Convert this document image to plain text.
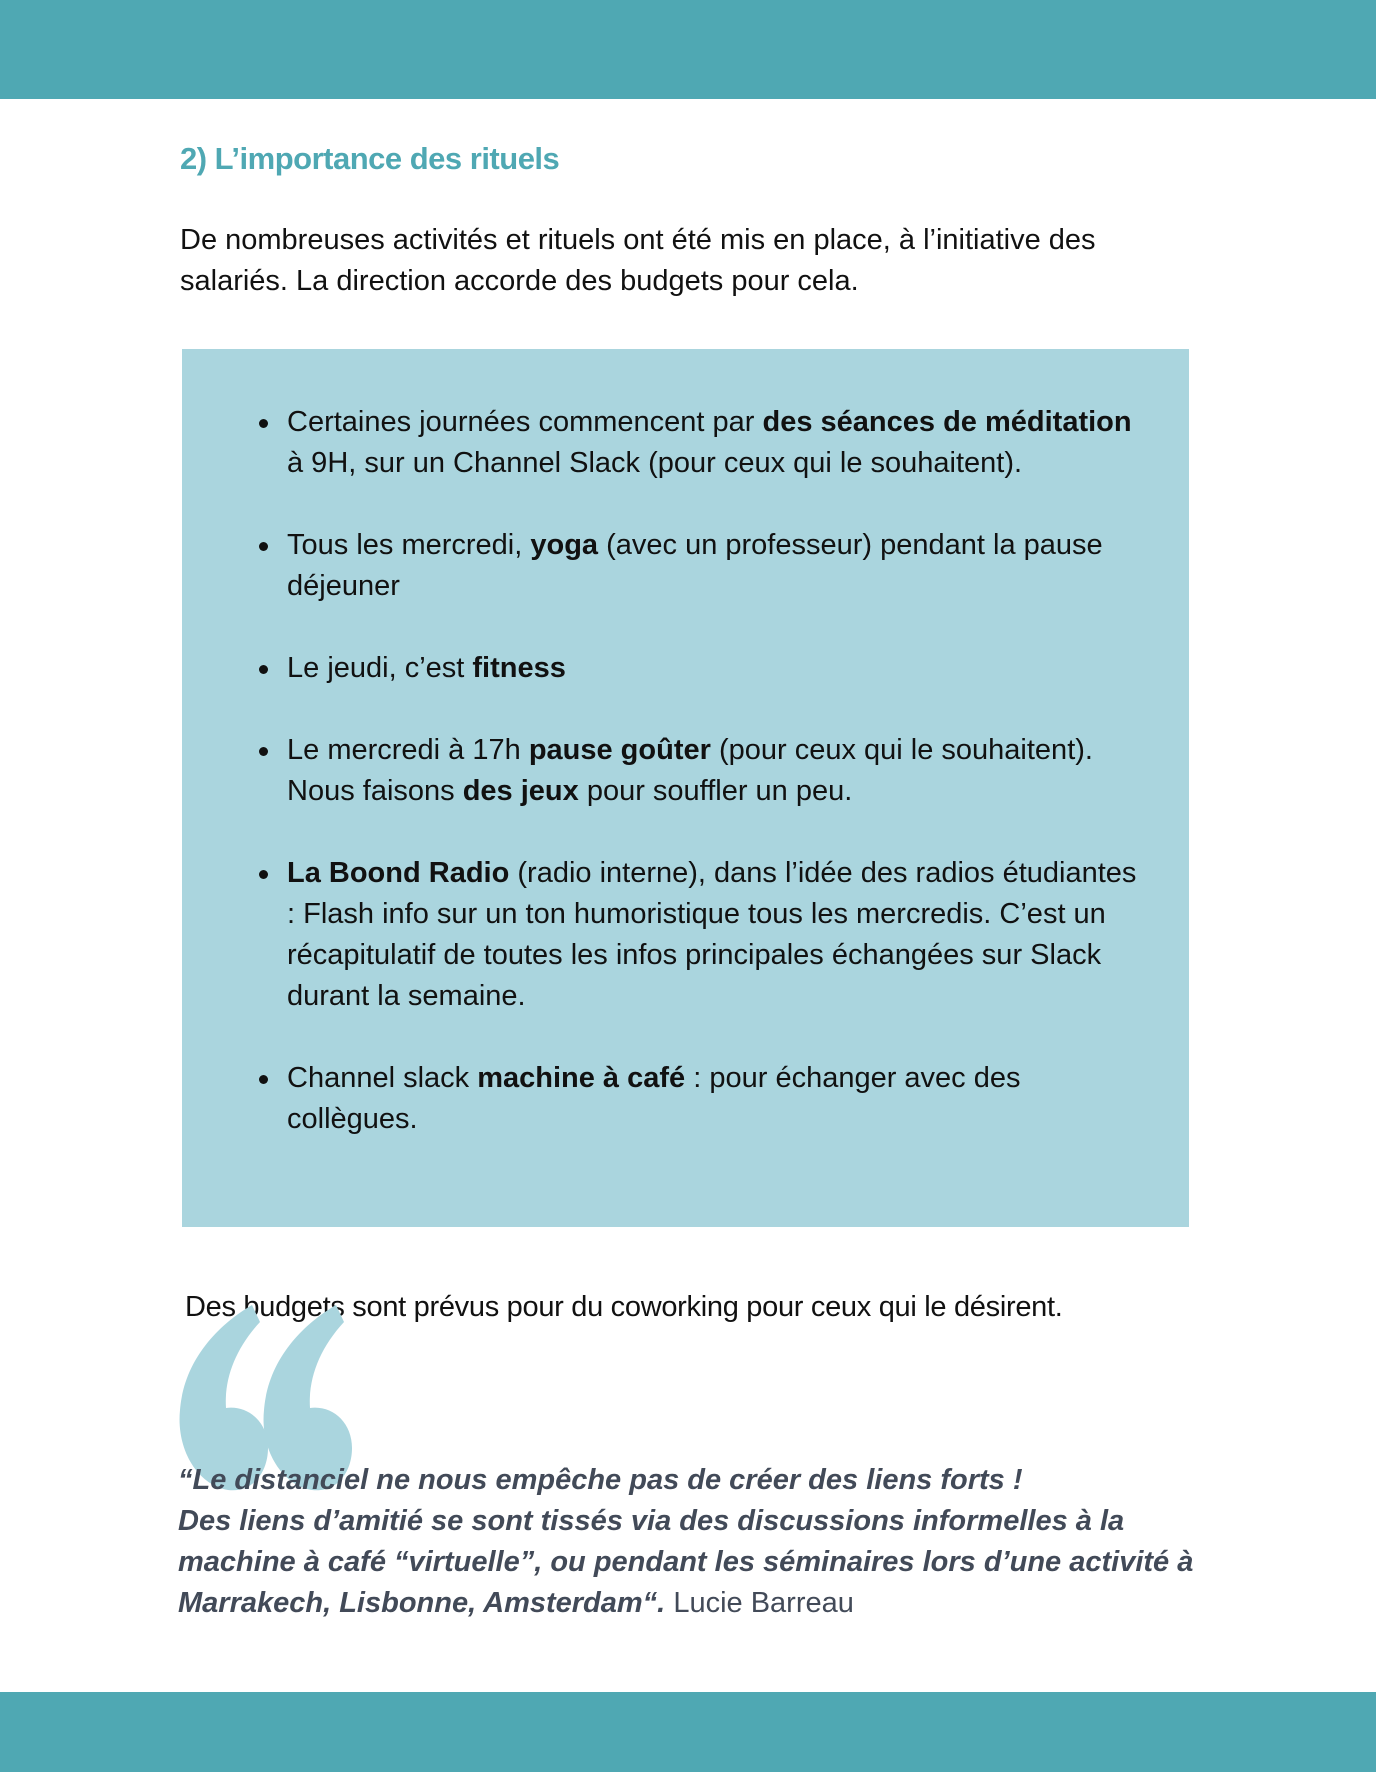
2) L’importance des rituels

De nombreuses activités et rituels ont été mis en place, à l’initiative des salariés. La direction accorde des budgets pour cela.

Certaines journées commencent par des séances de méditation à 9H, sur un Channel Slack (pour ceux qui le souhaitent).
Tous les mercredi, yoga (avec un professeur) pendant la pause déjeuner
Le jeudi, c’est fitness
Le mercredi à 17h pause goûter (pour ceux qui le souhaitent). Nous faisons des jeux pour souffler un peu.
La Boond Radio (radio interne), dans l’idée des radios étudiantes : Flash info sur un ton humoristique tous les mercredis. C’est un récapitulatif de toutes les infos principales échangées sur Slack durant la semaine.
Channel slack machine à café : pour échanger avec des collègues.

Des budgets sont prévus pour du coworking pour ceux qui le désirent.

“Le distanciel ne nous empêche pas de créer des liens forts !
Des liens d’amitié se sont tissés via des discussions informelles à la machine à café “virtuelle”, ou pendant les séminaires lors d’une activité à Marrakech, Lisbonne, Amsterdam“. Lucie Barreau
